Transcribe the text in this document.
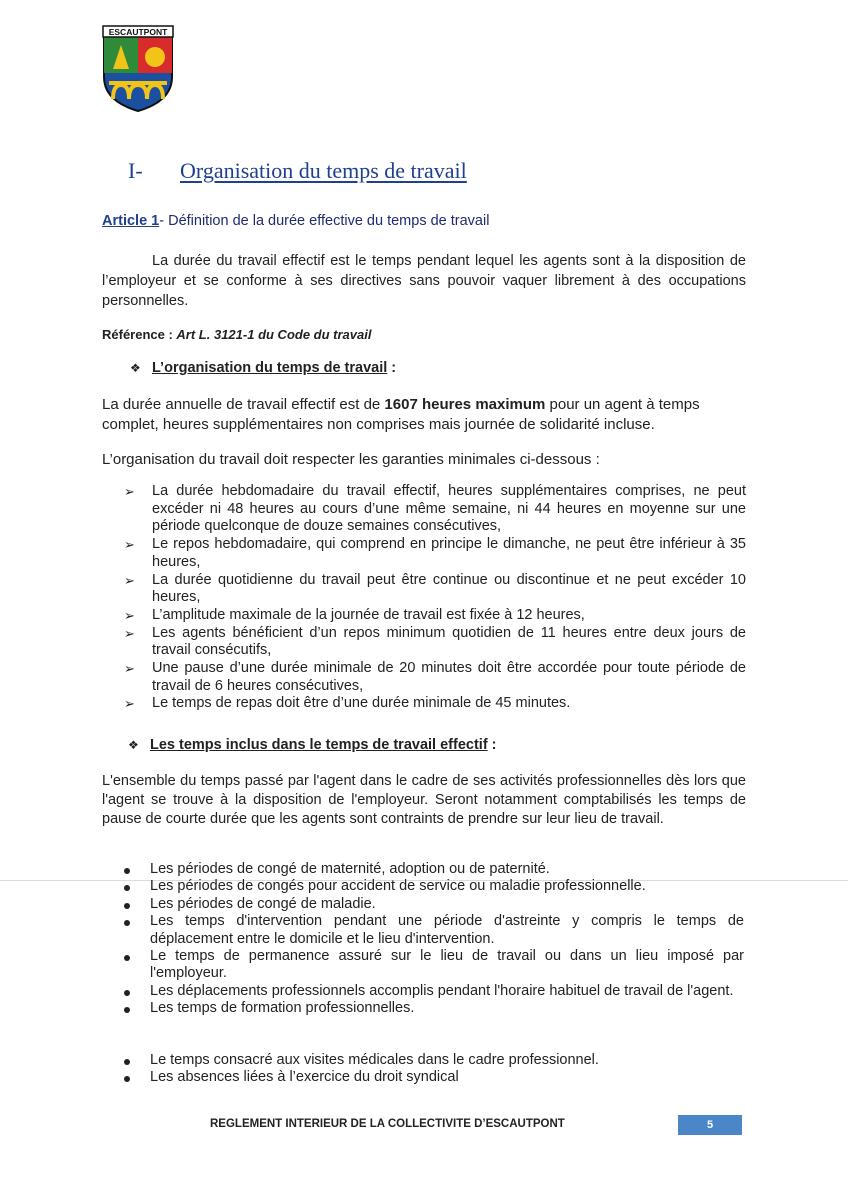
ESCAUTPONT
I- Organisation du temps de travail
Article 1- Définition de la durée effective du temps de travail
La durée du travail effectif est le temps pendant lequel les agents sont à la disposition de l’employeur et se conforme à ses directives sans pouvoir vaquer librement à des occupations personnelles.
Référence : Art L. 3121-1 du Code du travail
❖ L’organisation du temps de travail :
La durée annuelle de travail effectif est de 1607 heures maximum pour un agent à temps complet, heures supplémentaires non comprises mais journée de solidarité incluse.
L’organisation du travail doit respecter les garanties minimales ci-dessous :
➢ La durée hebdomadaire du travail effectif, heures supplémentaires comprises, ne peut excéder ni 48 heures au cours d’une même semaine, ni 44 heures en moyenne sur une période quelconque de douze semaines consécutives,
➢ Le repos hebdomadaire, qui comprend en principe le dimanche, ne peut être inférieur à 35 heures,
➢ La durée quotidienne du travail peut être continue ou discontinue et ne peut excéder 10 heures,
➢ L’amplitude maximale de la journée de travail est fixée à 12 heures,
➢ Les agents bénéficient d’un repos minimum quotidien de 11 heures entre deux jours de travail consécutifs,
➢ Une pause d’une durée minimale de 20 minutes doit être accordée pour toute période de travail de 6 heures consécutives,
➢ Le temps de repas doit être d’une durée minimale de 45 minutes.
❖ Les temps inclus dans le temps de travail effectif :
L'ensemble du temps passé par l'agent dans le cadre de ses activités professionnelles dès lors que l'agent se trouve à la disposition de l'employeur. Seront notamment comptabilisés les temps de pause de courte durée que les agents sont contraints de prendre sur leur lieu de travail.
Les périodes de congé de maternité, adoption ou de paternité.
Les périodes de congés pour accident de service ou maladie professionnelle.
Les périodes de congé de maladie.
Les temps d'intervention pendant une période d'astreinte y compris le temps de déplacement entre le domicile et le lieu d'intervention.
Le temps de permanence assuré sur le lieu de travail ou dans un lieu imposé par l'employeur.
Les déplacements professionnels accomplis pendant l'horaire habituel de travail de l'agent.
Les temps de formation professionnelles.
Le temps consacré aux visites médicales dans le cadre professionnel.
Les absences liées à l’exercice du droit syndical
REGLEMENT INTERIEUR DE LA COLLECTIVITE D’ESCAUTPONT	5
